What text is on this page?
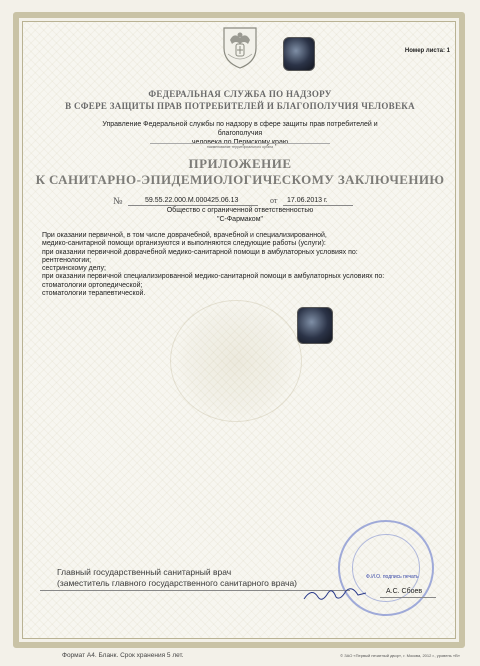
Номер листа: 1
ФЕДЕРАЛЬНАЯ СЛУЖБА ПО НАДЗОРУ
В СФЕРЕ ЗАЩИТЫ ПРАВ ПОТРЕБИТЕЛЕЙ И БЛАГОПОЛУЧИЯ ЧЕЛОВЕКА
Управление Федеральной службы по надзору в сфере защиты прав потребителей и благополучия
человека по Пермскому краю
наименование территориального органа
ПРИЛОЖЕНИЕ
К САНИТАРНО-ЭПИДЕМИОЛОГИЧЕСКОМУ ЗАКЛЮЧЕНИЮ
№	59.55.22.000.М.000425.06.13	от 17.06.2013 г.
Общество с ограниченной ответственностью
"С-Фармаком"
При оказании первичной, в том числе доврачебной, врачебной и специализированной,
медико-санитарной помощи организуются и выполняются следующие работы (услуги):
при оказании первичной доврачебной медико-санитарной помощи в амбулаторных условиях по:
рентгенологии;
сестринскому делу;
при оказании первичной специализированной медико-санитарной помощи в амбулаторных условиях по:
стоматологии ортопедической;
стоматологии терапевтической.
Ф.И.О. подпись печать
Главный государственный санитарный врач
(заместитель главного государственного санитарного врача)
А.С. Сбоев
Формат А4. Бланк. Срок хранения 5 лет.	© ЗАО «Первый печатный двор», г. Москва, 2012 г., уровень «В»
